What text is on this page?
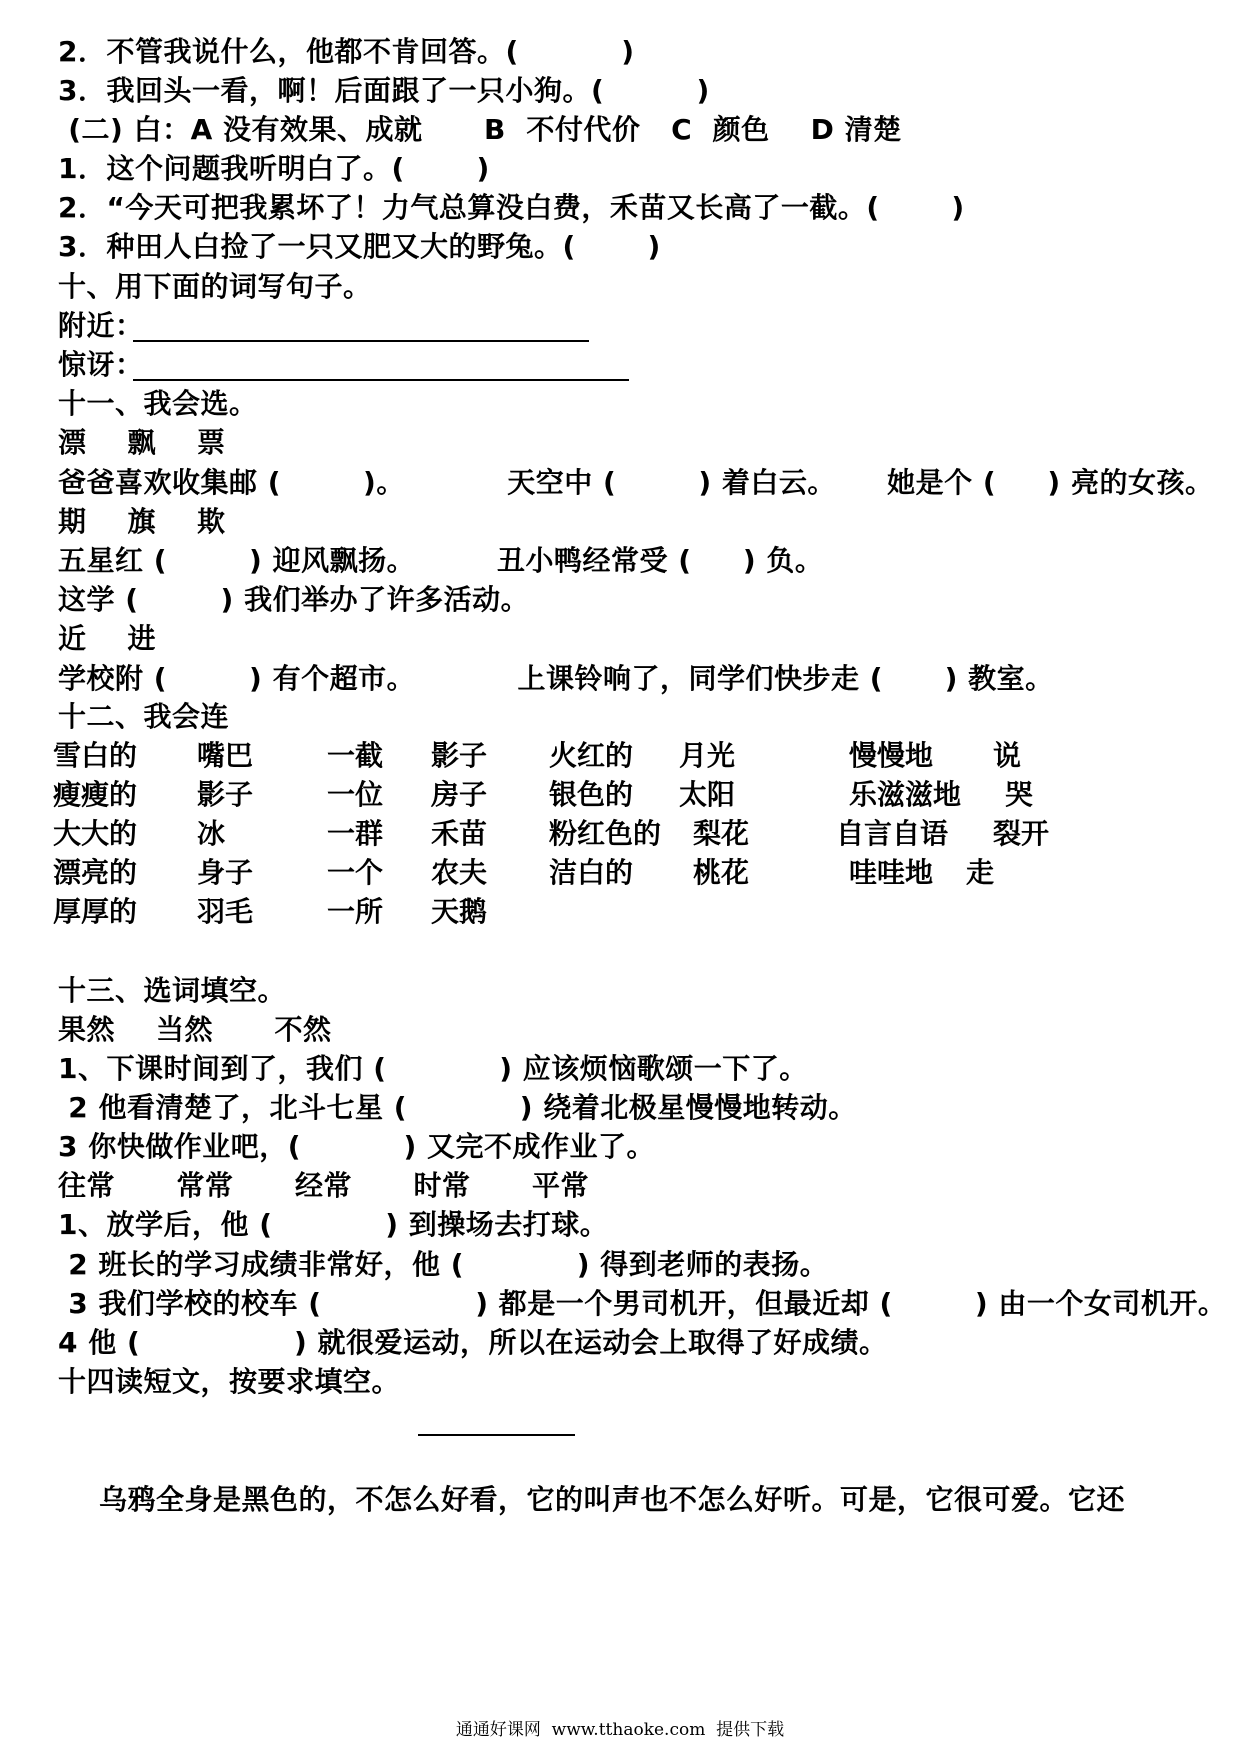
2．不管我说什么，他都不肯回答。(          )
3．我回头一看，啊！后面跟了一只小狗。(         )
(二) 白：A 没有效果、成就      B  不付代价   C  颜色    D 清楚
1．这个问题我听明白了。(       )
2．“今天可把我累坏了！力气总算没白费，禾苗又长高了一截。(       )
3．种田人白捡了一只又肥又大的野兔。(       )
十、用下面的词写句子。
附近：
惊讶：
十一、我会选。
漂    飘    票
爸爸喜欢收集邮 (        )。          天空中 (        ) 着白云。     她是个 (     ) 亮的女孩。
期    旗    欺
五星红 (        ) 迎风飘扬。        丑小鸭经常受 (     ) 负。
这学 (        ) 我们举办了许多活动。
近    进
学校附 (        ) 有个超市。          上课铃响了，同学们快步走 (      ) 教室。
十二、我会连
雪白的 嘴巴	一截 影子 火红的 月光	慢慢地 说
瘦瘦的 影子	一位 房子 银色的 太阳	乐滋滋地 哭
大大的 冰	一群 禾苗 粉红色的 梨花	自言自语 裂开
漂亮的 身子	一个 农夫 洁白的 桃花	哇哇地 走
厚厚的 羽毛	一所 天鹅
十三、选词填空。
果然    当然      不然
1、下课时间到了，我们 (           ) 应该烦恼歌颂一下了。
2 他看清楚了，北斗七星 (           ) 绕着北极星慢慢地转动。
3 你快做作业吧，(          ) 又完不成作业了。
往常      常常      经常      时常      平常
1、放学后，他 (           ) 到操场去打球。
2 班长的学习成绩非常好，他 (           ) 得到老师的表扬。
3 我们学校的校车 (               ) 都是一个男司机开，但最近却 (        ) 由一个女司机开。
4 他 (               ) 就很爱运动，所以在运动会上取得了好成绩。
十四读短文，按要求填空。
乌鸦全身是黑色的，不怎么好看，它的叫声也不怎么好听。可是，它很可爱。它还
通通好课网  www.tthaoke.com  提供下载
